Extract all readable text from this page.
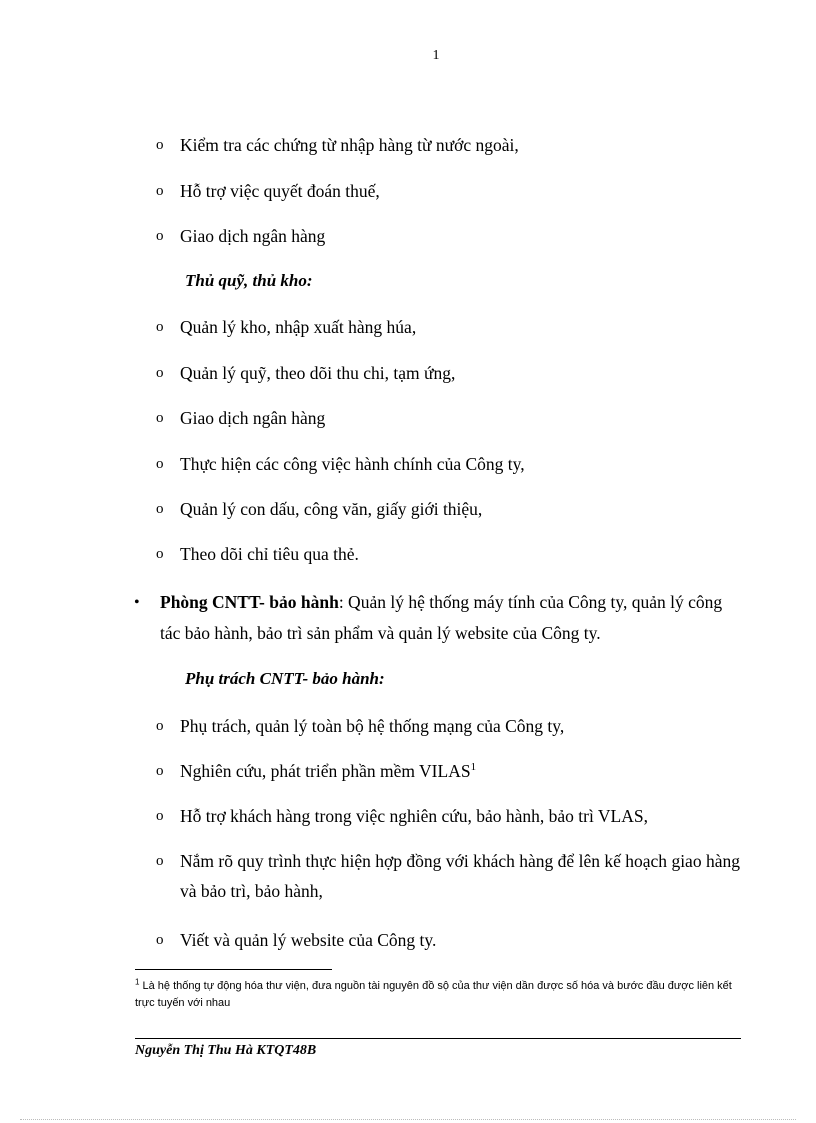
1
o Kiểm tra các chứng từ nhập hàng từ nước ngoài,
o Hỗ trợ việc quyết đoán thuế,
o Giao dịch ngân hàng
Thủ quỹ, thủ kho:
o Quản lý kho, nhập xuất hàng húa,
o Quản lý quỹ, theo dõi thu chi, tạm ứng,
o Giao dịch ngân hàng
o Thực hiện các công việc hành chính của Công ty,
o Quản lý con dấu, công văn, giấy giới thiệu,
o Theo dõi chỉ tiêu qua thẻ.
• Phòng CNTT- bảo hành: Quản lý hệ thống máy tính của Công ty, quản lý công tác bảo hành, bảo trì sản phẩm và quản lý website của Công ty.
Phụ trách CNTT- bảo hành:
o Phụ trách, quản lý toàn bộ hệ thống mạng của Công ty,
o Nghiên cứu, phát triển phần mềm VILAS$^1$
o Hỗ trợ khách hàng trong việc nghiên cứu, bảo hành, bảo trì VLAS,
o Nắm rõ quy trình thực hiện hợp đồng với khách hàng để lên kế hoạch giao hàng và bảo trì, bảo hành,
o Viết và quản lý website của Công ty.
$^1$ Là hệ thống tự động hóa thư viện, đưa nguồn tài nguyên đồ sộ của thư viện dần được số hóa và bước đầu được liên kết trực tuyến với nhau
Nguyễn Thị Thu Hà KTQT48B
